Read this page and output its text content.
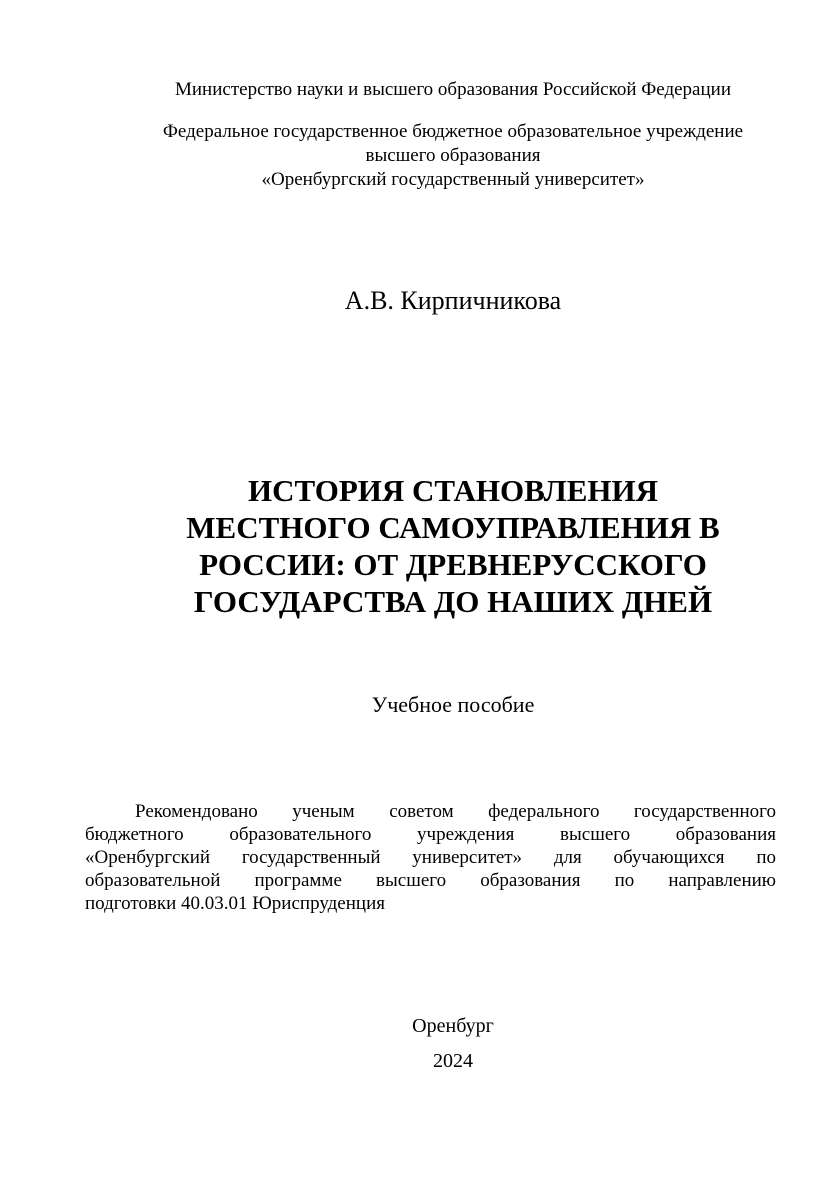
Министерство науки и высшего образования Российской Федерации
Федеральное государственное бюджетное образовательное учреждение
высшего образования
«Оренбургский государственный университет»
А.В. Кирпичникова
ИСТОРИЯ СТАНОВЛЕНИЯ
МЕСТНОГО САМОУПРАВЛЕНИЯ В
РОССИИ: ОТ ДРЕВНЕРУССКОГО
ГОСУДАРСТВА ДО НАШИХ ДНЕЙ
Учебное пособие
Рекомендовано ученым советом федерального государственного
бюджетного образовательного учреждения высшего образования
«Оренбургский государственный университет» для обучающихся по
образовательной программе высшего образования по направлению
подготовки 40.03.01 Юриспруденция
Оренбург
2024
